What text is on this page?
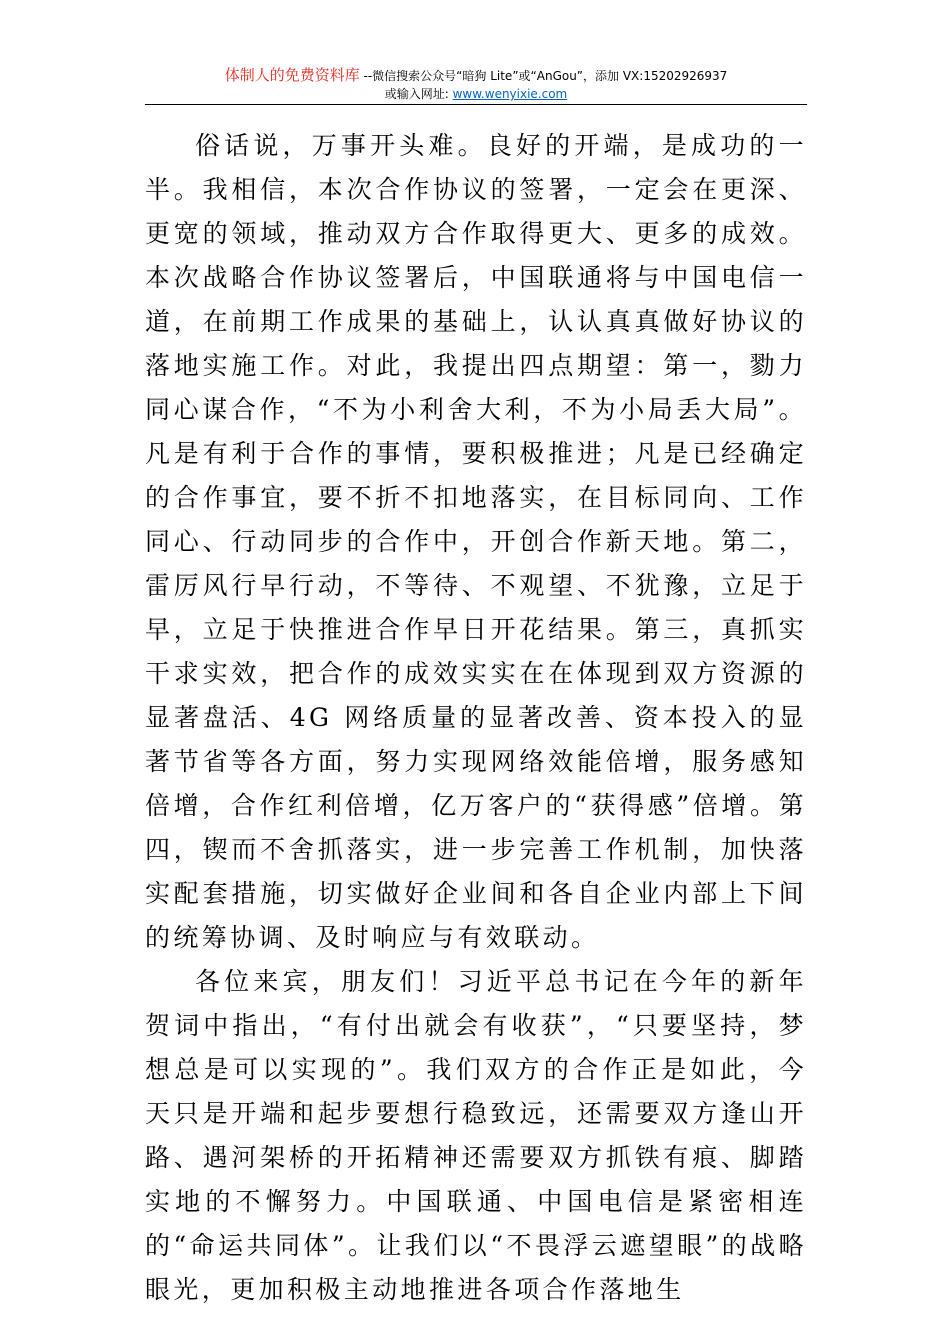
体制人的免费资料库 --微信搜索公众号“暗狗 Lite”或“AnGou”，添加 VX:15202926937
或输入网址: www.wenyixie.com

俗话说，万事开头难。良好的开端，是成功的一半。我相信，本次合作协议的签署，一定会在更深、更宽的领域，推动双方合作取得更大、更多的成效。本次战略合作协议签署后，中国联通将与中国电信一道，在前期工作成果的基础上，认认真真做好协议的落地实施工作。对此，我提出四点期望：第一，勠力同心谋合作，“不为小利舍大利，不为小局丢大局”。凡是有利于合作的事情，要积极推进；凡是已经确定的合作事宜，要不折不扣地落实，在目标同向、工作同心、行动同步的合作中，开创合作新天地。第二，雷厉风行早行动，不等待、不观望、不犹豫，立足于早，立足于快推进合作早日开花结果。第三，真抓实干求实效，把合作的成效实实在在体现到双方资源的显著盘活、4G 网络质量的显著改善、资本投入的显著节省等各方面，努力实现网络效能倍增，服务感知倍增，合作红利倍增，亿万客户的“获得感”倍增。第四，锲而不舍抓落实，进一步完善工作机制，加快落实配套措施，切实做好企业间和各自企业内部上下间的统筹协调、及时响应与有效联动。

各位来宾，朋友们！习近平总书记在今年的新年贺词中指出，“有付出就会有收获”，“只要坚持，梦想总是可以实现的”。我们双方的合作正是如此，今天只是开端和起步要想行稳致远，还需要双方逢山开路、遇河架桥的开拓精神还需要双方抓铁有痕、脚踏实地的不懈努力。中国联通、中国电信是紧密相连的“命运共同体”。让我们以“不畏浮云遮望眼”的战略眼光，更加积极主动地推进各项合作落地生
